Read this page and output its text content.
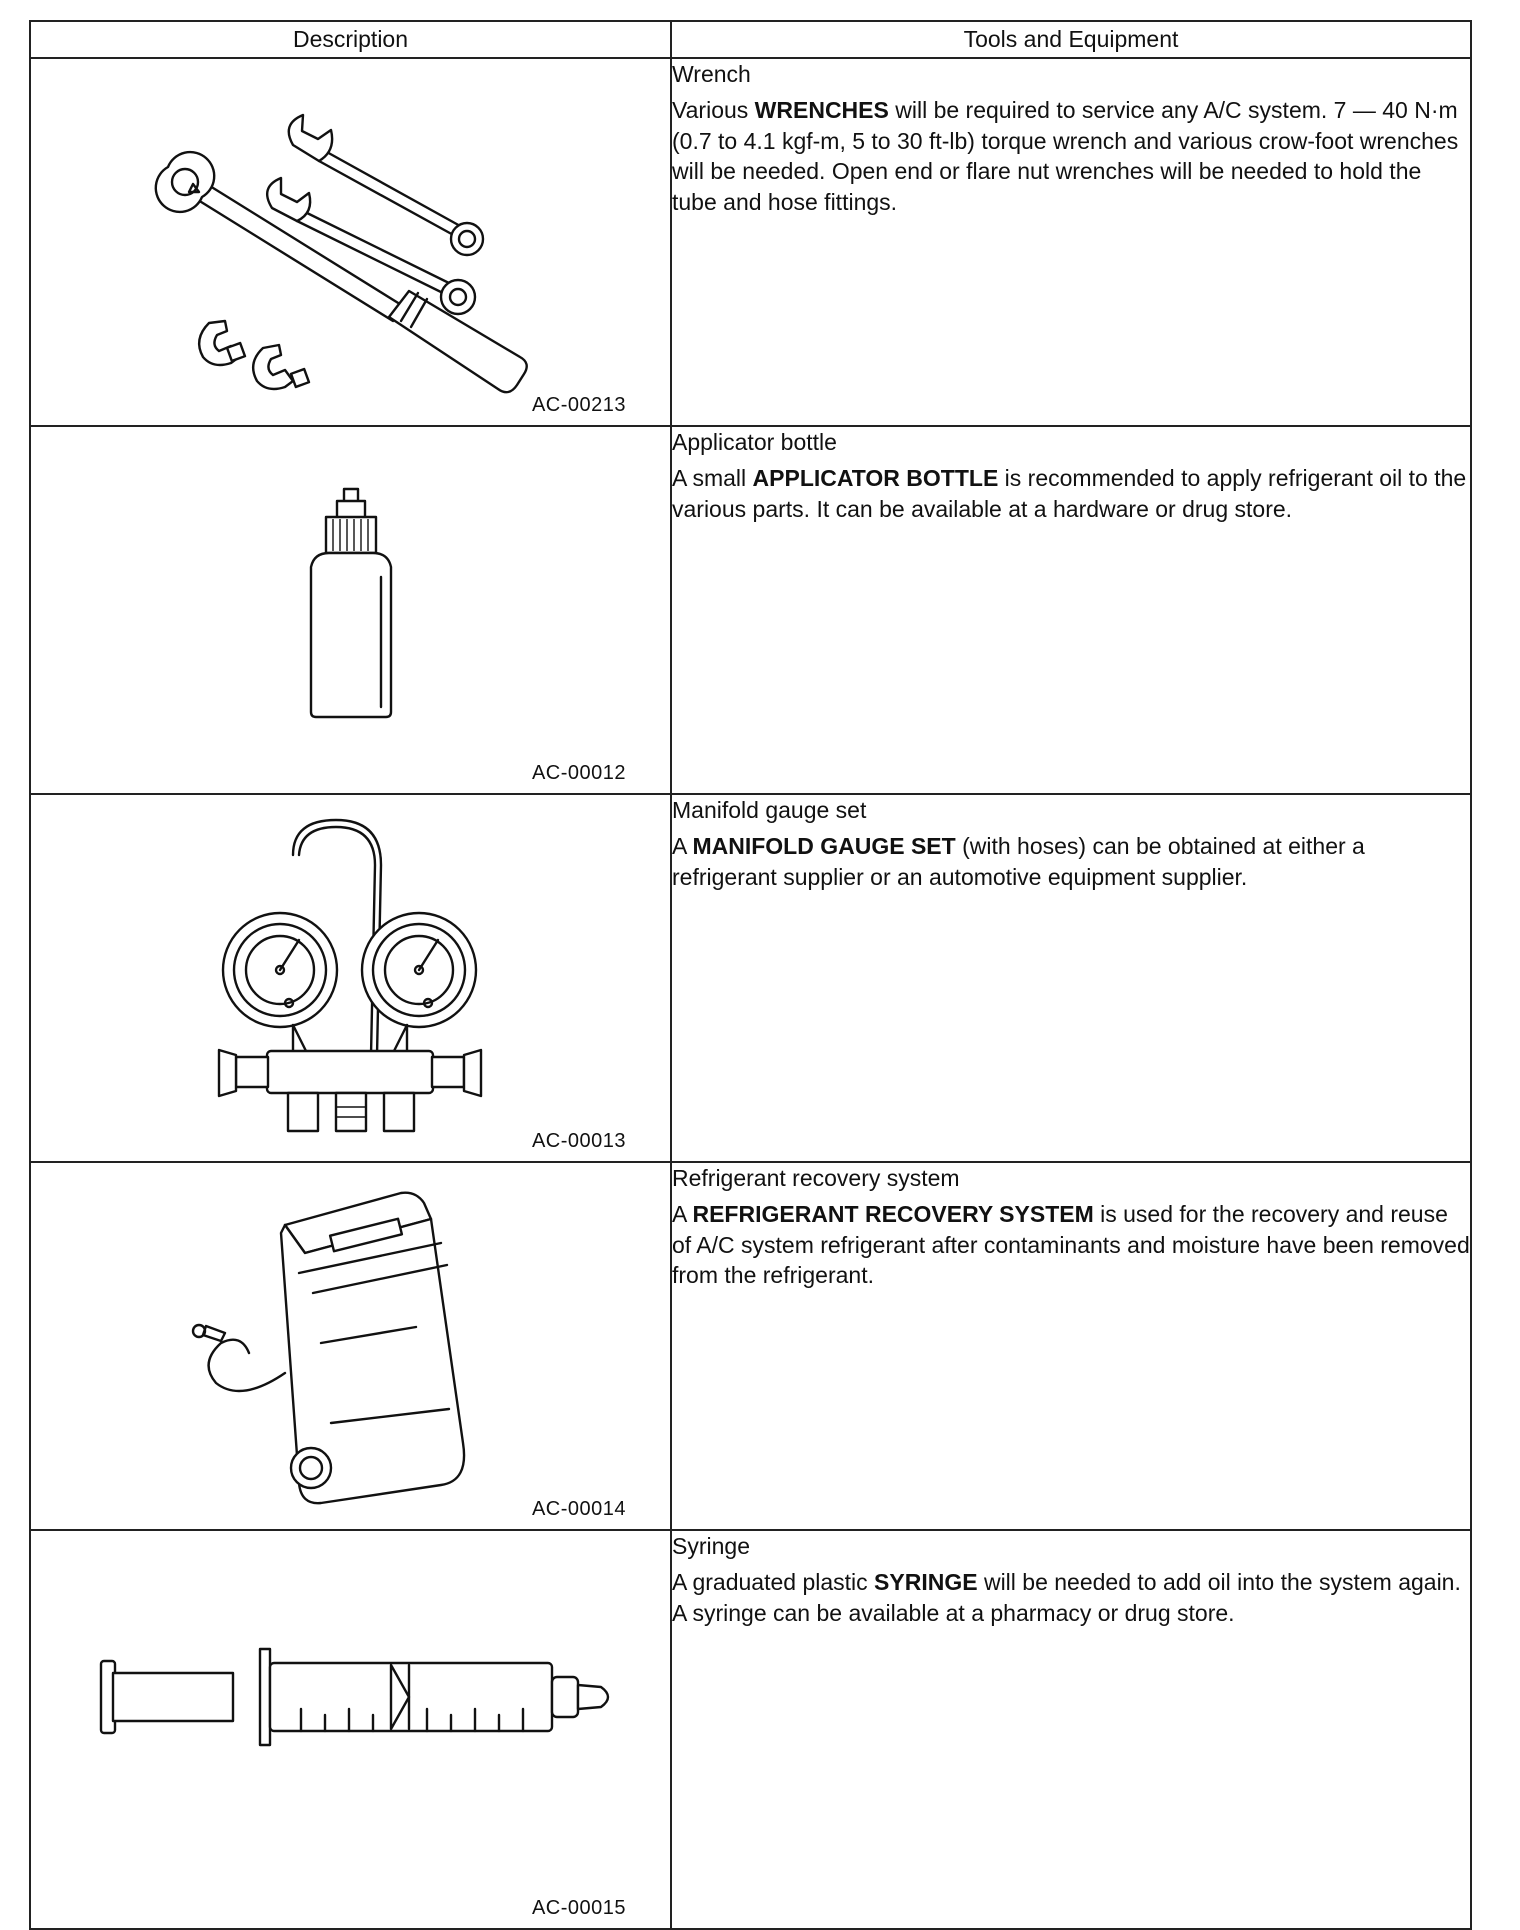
Description	Tools and Equipment

AC-00213	Wrench
Various WRENCHES will be required to service any A/C system. 7 — 40 N·m (0.7 to 4.1 kgf-m, 5 to 30 ft-lb) torque wrench and various crow-foot wrenches will be needed. Open end or flare nut wrenches will be needed to hold the tube and hose fittings.

AC-00012	Applicator bottle
A small APPLICATOR BOTTLE is recommended to apply refrigerant oil to the various parts. It can be available at a hardware or drug store.

AC-00013	Manifold gauge set
A MANIFOLD GAUGE SET (with hoses) can be obtained at either a refrigerant supplier or an automotive equipment supplier.

AC-00014	Refrigerant recovery system
A REFRIGERANT RECOVERY SYSTEM is used for the recovery and reuse of A/C system refrigerant after contaminants and moisture have been removed from the refrigerant.

AC-00015	Syringe
A graduated plastic SYRINGE will be needed to add oil into the system again. A syringe can be available at a pharmacy or drug store.
